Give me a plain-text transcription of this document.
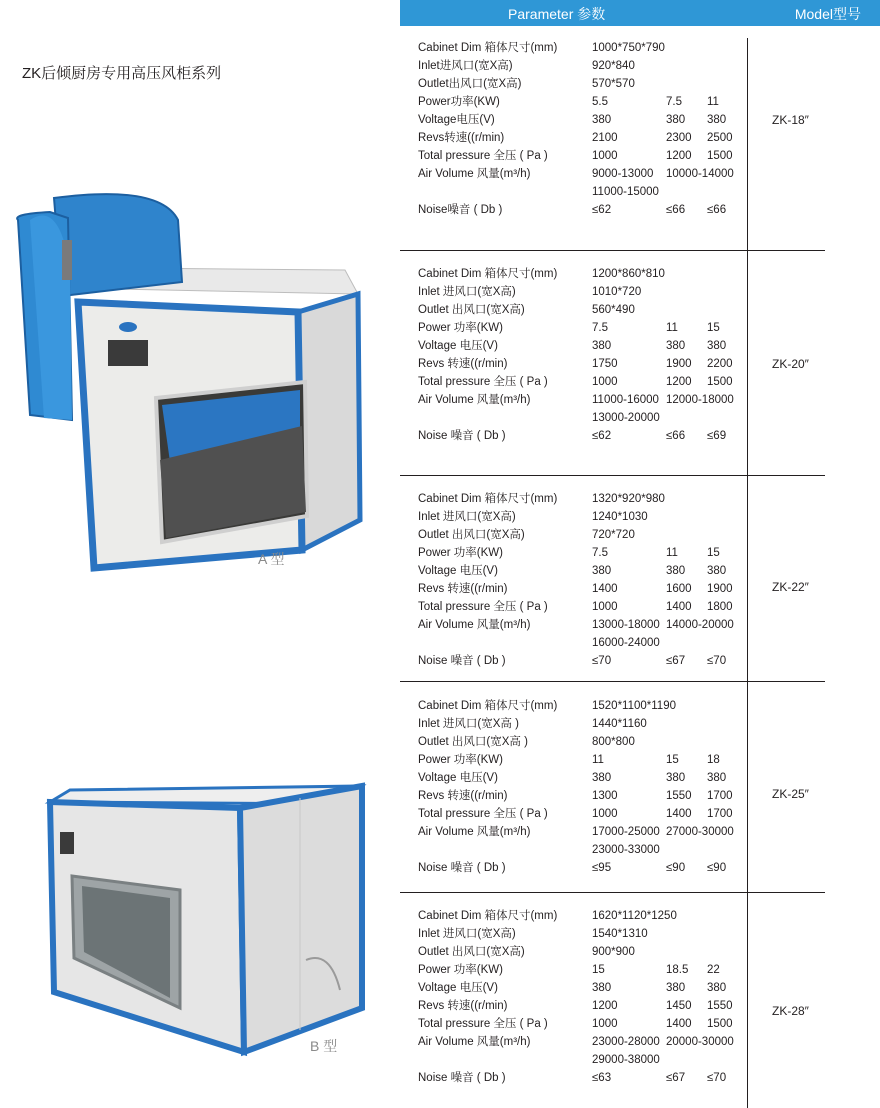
Parameter 参数	Model型号
ZK后倾厨房专用高压风柜系列
A 型
B 型
Cabinet Dim 箱体尺寸(mm)	1000*750*790
Inlet进风口(宽X高)	920*840
Outlet出风口(宽X高)	570*570
Power功率(KW)	5.5	7.5 11
Voltage电压(V)	380	380 380
Revs转速((r/min)	2100	2300 2500
Total pressure 全压 ( Pa )	1000	1200 1500
Air Volume 风量(m³/h)	9000-13000 10000-14000
11000-15000
Noise噪音 ( Db )	≤62	≤66 ≤66
ZK-18″
Cabinet Dim 箱体尺寸(mm)	1200*860*810
Inlet 进风口(宽X高)	1010*720
Outlet 出风口(宽X高)	560*490
Power 功率(KW)	7.5	11	15
Voltage 电压(V)	380	380 380
Revs 转速((r/min)	1750	1900 2200
Total pressure 全压 ( Pa )	1000	1200 1500
Air Volume 风量(m³/h)	11000-16000 12000-18000
13000-20000
Noise 噪音 ( Db )	≤62	≤66 ≤69
ZK-20″
Cabinet Dim 箱体尺寸(mm)	1320*920*980
Inlet 进风口(宽X高)	1240*1030
Outlet 出风口(宽X高)	720*720
Power 功率(KW)	7.5	11	15
Voltage 电压(V)	380	380 380
Revs 转速((r/min)	1400	1600 1900
Total pressure 全压 ( Pa )	1000	1400 1800
Air Volume 风量(m³/h)	13000-18000 14000-20000
16000-24000
Noise 噪音 ( Db )	≤70	≤67 ≤70
ZK-22″
Cabinet Dim 箱体尺寸(mm)	1520*1100*1190
Inlet 进风口(宽X高 )	1440*1160
Outlet 出风口(宽X高 )	800*800
Power 功率(KW)	11	15 18
Voltage 电压(V)	380	380 380
Revs 转速((r/min)	1300	1550 1700
Total pressure 全压 ( Pa )	1000	1400 1700
Air Volume 风量(m³/h)	17000-25000 27000-30000
23000-33000
Noise 噪音 ( Db )	≤95	≤90 ≤90
ZK-25″
Cabinet Dim 箱体尺寸(mm)	1620*1120*1250
Inlet 进风口(宽X高)	1540*1310
Outlet 出风口(宽X高)	900*900
Power 功率(KW)	15	18.5 22
Voltage 电压(V)	380	380 380
Revs 转速((r/min)	1200	1450 1550
Total pressure 全压 ( Pa )	1000	1400 1500
Air Volume 风量(m³/h)	23000-28000 20000-30000
29000-38000
Noise 噪音 ( Db )	≤63	≤67 ≤70
ZK-28″
